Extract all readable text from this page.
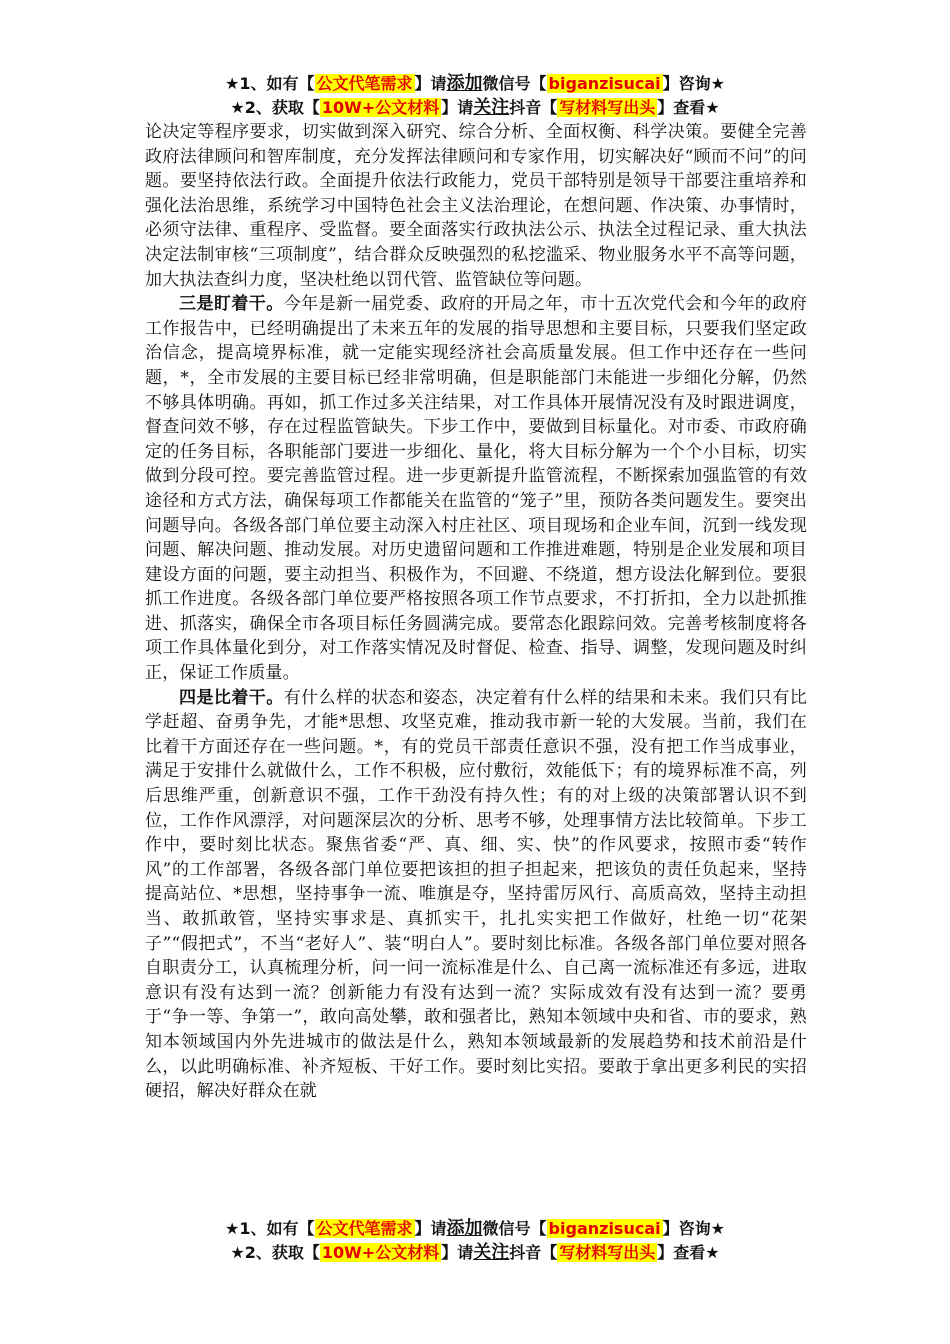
★1、如有【 公文代笔需求 】请添加微信号【 biganzisucai 】咨询★
★2、获取【 10W+公文材料 】请关注抖音【 写材料写出头 】查看★

论决定等程序要求，切实做到深入研究、综合分析、全面权衡、科学决策。要健全完善政府法律顾问和智库制度，充分发挥法律顾问和专家作用，切实解决好“顾而不问”的问题。要坚持依法行政。全面提升依法行政能力，党员干部特别是领导干部要注重培养和强化法治思维，系统学习中国特色社会主义法治理论，在想问题、作决策、办事情时，必须守法律、重程序、受监督。要全面落实行政执法公示、执法全过程记录、重大执法决定法制审核“三项制度”，结合群众反映强烈的私挖滥采、物业服务水平不高等问题，加大执法查纠力度，坚决杜绝以罚代管、监管缺位等问题。

三是盯着干。今年是新一届党委、政府的开局之年，市十五次党代会和今年的政府工作报告中，已经明确提出了未来五年的发展的指导思想和主要目标，只要我们坚定政治信念，提高境界标准，就一定能实现经济社会高质量发展。但工作中还存在一些问题，*，全市发展的主要目标已经非常明确，但是职能部门未能进一步细化分解，仍然不够具体明确。再如，抓工作过多关注结果，对工作具体开展情况没有及时跟进调度，督查问效不够，存在过程监管缺失。下步工作中，要做到目标量化。对市委、市政府确定的任务目标，各职能部门要进一步细化、量化，将大目标分解为一个个小目标，切实做到分段可控。要完善监管过程。进一步更新提升监管流程，不断探索加强监管的有效途径和方式方法，确保每项工作都能关在监管的“笼子”里，预防各类问题发生。要突出问题导向。各级各部门单位要主动深入村庄社区、项目现场和企业车间，沉到一线发现问题、解决问题、推动发展。对历史遗留问题和工作推进难题，特别是企业发展和项目建设方面的问题，要主动担当、积极作为，不回避、不绕道，想方设法化解到位。要狠抓工作进度。各级各部门单位要严格按照各项工作节点要求，不打折扣，全力以赴抓推进、抓落实，确保全市各项目标任务圆满完成。要常态化跟踪问效。完善考核制度将各项工作具体量化到分，对工作落实情况及时督促、检查、指导、调整，发现问题及时纠正，保证工作质量。

四是比着干。有什么样的状态和姿态，决定着有什么样的结果和未来。我们只有比学赶超、奋勇争先，才能*思想、攻坚克难，推动我市新一轮的大发展。当前，我们在比着干方面还存在一些问题。*，有的党员干部责任意识不强，没有把工作当成事业，满足于安排什么就做什么，工作不积极，应付敷衍，效能低下；有的境界标准不高，列后思维严重，创新意识不强，工作干劲没有持久性；有的对上级的决策部署认识不到位，工作作风漂浮，对问题深层次的分析、思考不够，处理事情方法比较简单。下步工作中，要时刻比状态。聚焦省委“严、真、细、实、快”的作风要求，按照市委“转作风”的工作部署，各级各部门单位要把该担的担子担起来，把该负的责任负起来，坚持提高站位、*思想，坚持事争一流、唯旗是夺，坚持雷厉风行、高质高效，坚持主动担当、敢抓敢管，坚持实事求是、真抓实干，扎扎实实把工作做好，杜绝一切“花架子”“假把式”，不当“老好人”、装“明白人”。要时刻比标准。各级各部门单位要对照各自职责分工，认真梳理分析，问一问一流标准是什么、自己离一流标准还有多远，进取意识有没有达到一流？创新能力有没有达到一流？实际成效有没有达到一流？要勇于“争一等、争第一”，敢向高处攀，敢和强者比，熟知本领域中央和省、市的要求，熟知本领域国内外先进城市的做法是什么，熟知本领域最新的发展趋势和技术前沿是什么，以此明确标准、补齐短板、干好工作。要时刻比实招。要敢于拿出更多利民的实招硬招，解决好群众在就

★1、如有【 公文代笔需求 】请添加微信号【 biganzisucai 】咨询★
★2、获取【 10W+公文材料 】请关注抖音【 写材料写出头 】查看★
